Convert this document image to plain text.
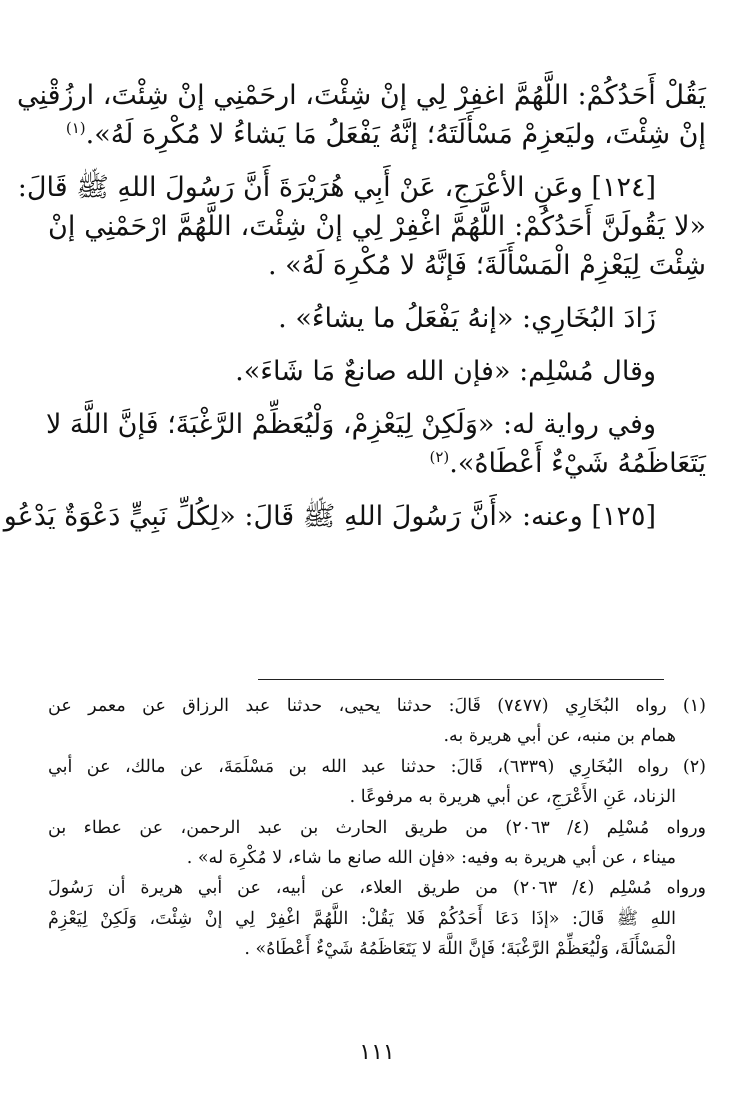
يَقُلْ أَحَدُكُمْ: اللَّهُمَّ اغفِرْ لِي إنْ شِئْتَ، ارحَمْنِي إنْ شِئْتَ، ارزُقْنِي

إنْ شِئْتَ، وليَعزِمْ مَسْأَلَتَهُ؛ إنَّهُ يَفْعَلُ مَا يَشاءُ لا مُكْرِهَ لَهُ».$^{(١)}$

[١٢٤] وعَنِ الأعْرَجِ، عَنْ أَبِي هُرَيْرَةَ أَنَّ رَسُولَ اللهِ ﷺ قَالَ:

«لا يَقُولَنَّ أَحَدُكُمْ: اللَّهُمَّ اغْفِرْ لِي إنْ شِئْتَ، اللَّهُمَّ ارْحَمْنِي إنْ

شِئْتَ لِيَعْزِمْ الْمَسْأَلَةَ؛ فَإنَّهُ لا مُكْرِهَ لَهُ» .

زَادَ البُخَارِي: «إنهُ يَفْعَلُ ما يشاءُ» .

وقال مُسْلِم: «فإن الله صانعٌ مَا شَاءَ».

وفي رواية له: «وَلَكِنْ لِيَعْزِمْ، وَلْيُعَظِّمْ الرَّغْبَةَ؛ فَإنَّ اللَّهَ لا

يَتَعَاظَمُهُ شَيْءٌ أَعْطَاهُ».$^{(٢)}$

[١٢٥] وعنه: «أَنَّ رَسُولَ اللهِ ﷺ قَالَ: «لِكُلِّ نَبِيٍّ دَعْوَةٌ يَدْعُو

(١) رواه البُخَارِي (٧٤٧٧) قَالَ: حدثنا يحيى، حدثنا عبد الرزاق عن معمر عن

همام بن منبه، عن أبي هريرة به.

(٢) رواه البُخَارِي (٦٣٣٩)، قَالَ: حدثنا عبد الله بن مَسْلَمَةَ، عن مالك، عن أبي

الزناد، عَنِ الأَعْرَجِ، عن أبي هريرة به مرفوعًا .

ورواه مُسْلِم (٤/ ٢٠٦٣) من طريق الحارث بن عبد الرحمن، عن عطاء بن

ميناء ، عن أبي هريرة به وفيه: «فإن الله صانع ما شاء، لا مُكْرِهَ له» .

ورواه مُسْلِم (٤/ ٢٠٦٣) من طريق العلاء، عن أبيه، عن أبي هريرة أن رَسُولَ

اللهِ ﷺ قَالَ: «إذَا دَعَا أَحَدُكُمْ فَلا يَقُلْ: اللَّهُمَّ اغْفِرْ لِي إنْ شِئْتَ، وَلَكِنْ لِيَعْزِمْ

الْمَسْأَلَةَ، وَلْيُعَظِّمْ الرَّغْبَةَ؛ فَإنَّ اللَّهَ لا يَتَعَاظَمُهُ شَيْءٌ أَعْطَاهُ» .

١١١
